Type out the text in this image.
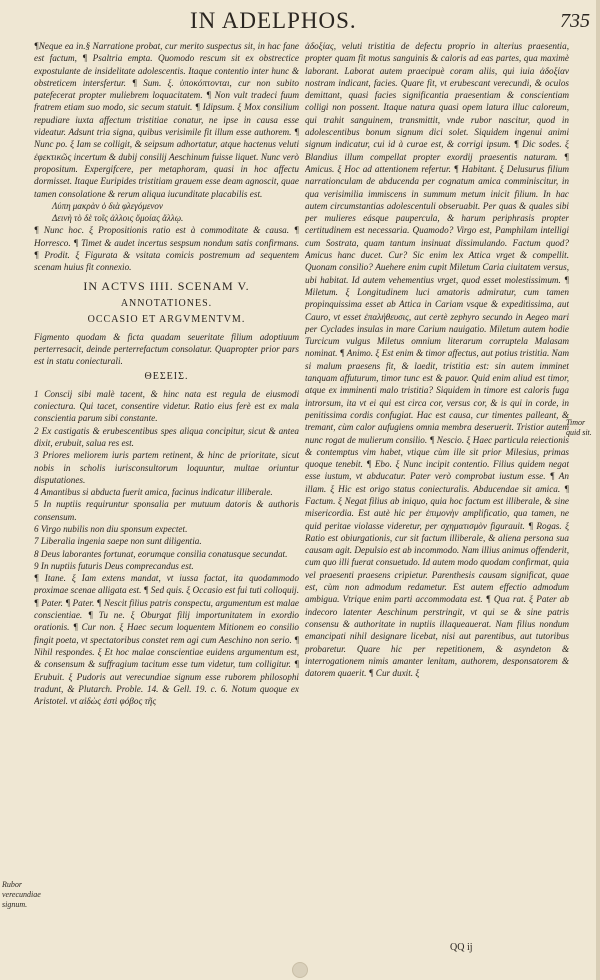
IN ADELPHOS.	735

¶Neque ea in.§ Narratione probat, cur merito suspectus sit, in hac fane est factum, ¶ Psaltria empta. Quomodo rescum sit ex obstrectice expostulante de insidelitate adolescentis. Itaque contentio inter hunc & obstreticem intersfertur. ¶ Sum. ξ. ὑποκόπτονται, cur non subito patefecerat propter muliebrem loquacitatem. ¶ Non vult tradeci fuum fratrem etiam suo modo, sic secum statuit. ¶ Idipsum. ξ Mox consilium repudiare iuxta affectum tristitiae conatur, ne ipse in causa esse videatur. Adsunt tria signa, quibus verisimile fit illum esse authorem. ¶ Nunc po. ξ Iam se colligit, & seipsum adhortatur, atque hactenus veluti ἐφεκτικῶς incertum & dubij consilij Aeschinum fuisse liquet. Nunc verò propositum. Expergifcere, per metaphoram, quasi in hoc affectu dormisset. Itaque Euripides tristitiam grauem esse deam agnoscit, quae tamen consolatione & rerum aliqua iucunditate placabilis est.

Λύπη μακρὰν ὁ διὰ φλεγόμενον

Δεινὴ τὸ δὲ τοῖς ἀλλοις ὅμοίας ἄλλῳ.

¶ Nunc hoc. ξ Propositionis ratio est à commoditate & causa. ¶ Horresco. ¶ Timet & audet incertus sespsum nondum satis confirmans. ¶ Prodit. ξ Figurata & vsitata comicis postremum ad sequentem scenam huius fit connexio.

IN ACTVS IIII. SCENAM V.

ANNOTATIONES.

OCCASIO ET ARGVMENTVM.

Figmento quodam & ficta quadam seueritate filium adoptiuum perterresacit, deinde perterrefactum consolatur. Quapropter prior pars est in statu coniecturali.

ΘΕΣΕΙΣ.

1 Conscij sibi malè tacent, & hinc nata est regula de eiusmodi coniectura. Qui tacet, consentire videtur. Ratio eius ferè est ex mala conscientia parum sibi constante.

2 Ex castigatis & erubescentibus spes aliqua concipitur, sicut & antea dixit, erubuit, salua res est.

3 Priores meliorem iuris partem retinent, & hinc de prioritate, sicut nobis in scholis iurisconsultorum loquuntur, multae oriuntur disputationes.

4 Amantibus si abducta fuerit amica, facinus indicatur illiberale.

5 In nuptiis requiruntur sponsalia per mutuum datoris & authoris consensum.

6 Virgo nubilis non diu sponsum expectet.

7 Liberalia ingenia saepe non sunt diligentia.

8 Deus laborantes fortunat, eorumque consilia conatusque secundat.

9 In nuptiis futuris Deus comprecandus est.

¶ Itane. ξ Iam extens mandat, vt iussa factat, ita quodammodo proximae scenae alligata est. ¶ Sed quis. ξ Occasio est fui tuti colloquij. ¶ Pater. ¶ Pater. ¶ Nescit filius patris conspectu, argumentum est malae conscientiae. ¶ Tu ne. ξ Oburgat filij importunitatem in exordio orationis. ¶ Cur non. ξ Haec secum loquentem Mitionem eo consilio fingit poeta, vt spectatoribus constet rem agi cum Aeschino non serio. ¶ Nihil respondes. ξ Et hoc malae conscientiae euidens argumentum est, & consensum & suffragium tacitum esse tum videtur, tum colligitur. ¶ Erubuit. ξ Pudoris aut verecundiae signum esse ruborem philosophi tradunt, & Plutarch. Proble. 14. & Gell. 19. c. 6. Notum quoque ex Aristotel. vt αἰδὼς ἐστὶ φόβος τῆς

ἀδοξίας, veluti tristitia de defectu proprio in alterius praesentia, propter quam fit motus sanguinis & caloris ad eas partes, qua maximè laborant. Laborat autem praecipuè coram aliis, qui iuia ἀδοξίαν nostram indicant, facies. Quare fit, vt erubescant verecundi, & oculos demittant, quasi facies significantia praesentiam & conscientiam colligi non possent. Itaque natura quasi opem latura illuc caloreum, qui trahit sanguinem, transmittit, vnde rubor nascitur, quod in adolescentibus bonum signum dici solet. Siquidem ingenui animi signum indicatur, cui id à curae est, & corrigi ipsum. ¶ Dic sodes. ξ Blandius illum compellat propter exordij praesentis naturam. ¶ Amicus. ξ Hoc ad attentionem refertur. ¶ Habitant. ξ Delusurus filium narrationculam de abducenda per cognatum amica comminiscitur, in qua verisimilia immiscens in summum metum inicit filium. In hac autem circumstantias adolescentuli obseruabit. Per quas & quales sibi per mulieres eásque paupercula, & harum periphrasis propter certitudinem est necessaria. Quamodo? Virgo est, Pamphilam intelligi cum Sostrata, quam tantum insinuat dissimulando. Factum quod? Amicus hanc ducet. Cur? Sic enim lex Attica vrget & compellit. Quonam consilio? Auehere enim cupit Miletum Caria ciuitatem versus, ubi habitat. Id autem vehementius vrget, quod esset molestissimum. ¶ Miletum. ξ Longitudinem luci amatoris admiratur, cum tamen propinquissima esset ab Attica in Cariam vsque & expeditissima, aut Cauro, vt esset ἐπαλήθευσις, aut certè zephyro secundo in Aegeo mari per Cyclades insulas in mare Carium nauigatio. Miletum autem hodie Turcicum vulgus Miletus omnium literarum corruptela Malasam nominat. ¶ Animo. ξ Est enim & timor affectus, aut potius tristitia. Nam si malum praesens fit, & laedit, tristitia est: sin autem imminet tanquam affuturum, timor tunc est & pauor. Quid enim aliud est timor, atque ex imminenti malo tristitia? Siquidem in timore est caloris fuga introrsum, ita vt ei qui est circa cor, versus cor, & is qui in corde, in penitissima cordis confugiat. Hac est causa, cur timentes palleant, & tremant, cùm calor aufugiens omnia membra deseruerit. Tristior autem nunc rogat de mulierum consilio. ¶ Nescio. ξ Haec particula reiectionis & contemptus vim habet, vtique cùm ille sit prior Milesius, primas quoque tenebit. ¶ Ebo. ξ Nunc incipit contentio. Filius quidem negat esse iustum, vt abducatur. Pater verò comprobat iustum esse. ¶ An illam. ξ Hic est origo status coniecturalis. Abducendae sit amica. ¶ Factum. ξ Negat filius ab iniquo, quia hoc factum est illiberale, & sine misericordia. Est autè hic per ἐπιμονὴν amplificatio, qua tamen, ne quid peritae violasse videretur, per σχηματισμὸν figurauit. ¶ Rogas. ξ Ratio est obiurgationis, cur sit factum illiberale, & aliena persona sua causam agit. Depulsio est ab incommodo. Nam illius animus offenderit, cum quo illi fuerat consuetudo. Id autem modo quodam confirmat, quia vel praesenti praesens cripietur. Parenthesis causam significat, quae est, cùm non admodum redametur. Est autem effectio admodum ambigua. Vtrique enim parti accommodata est. ¶ Qua rat. ξ Pater ab indecoro latenter Aeschinum perstringit, vt qui se & sine patris consensu & authoritate in nuptiis illaqueauerat. Nam filius nondum emancipati nihil designare licebat, nisi aut parentibus, aut tutoribus probaretur. Quare hic per repetitionem, & asyndeton & interrogationem nimis amanter lenitam, authorem, desponsatorem & datorem quaerit. ¶ Cur duxit. ξ

Rubor verecundiae signum.
Timor quid sit.
QQ ij
